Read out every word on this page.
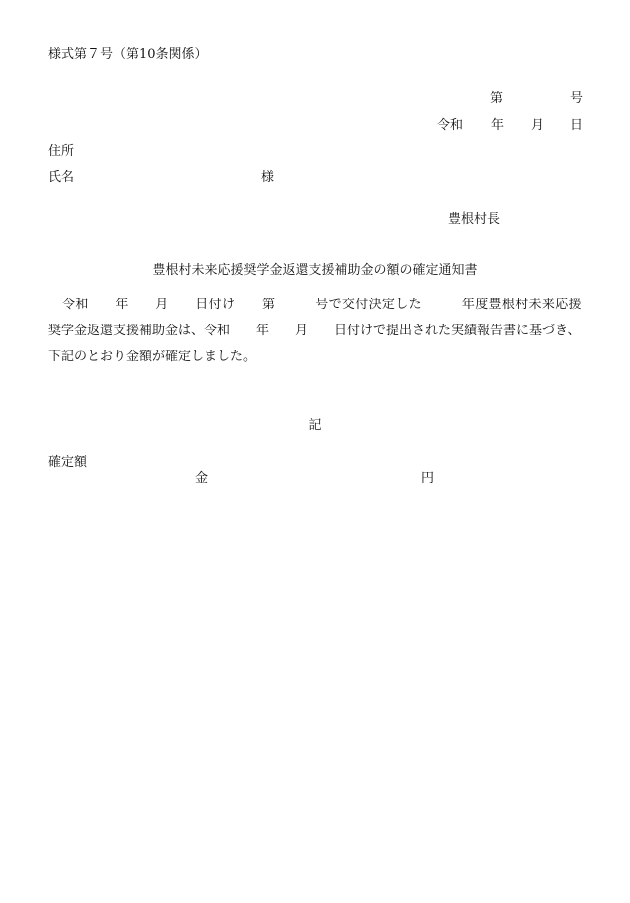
様式第７号（第10条関係）
第	号
令和 年 月 日
住所
氏名	様
豊根村長
豊根村未来応援奨学金返還支援補助金の額の確定通知書
令和　　年　　月　　日付け　　第　　　号で交付決定した　　　年度豊根村未来応援
奨学金返還支援補助金は、令和　　年　　月　　日付けで提出された実績報告書に基づき、
下記のとおり金額が確定しました。
記
確定額
金	円
